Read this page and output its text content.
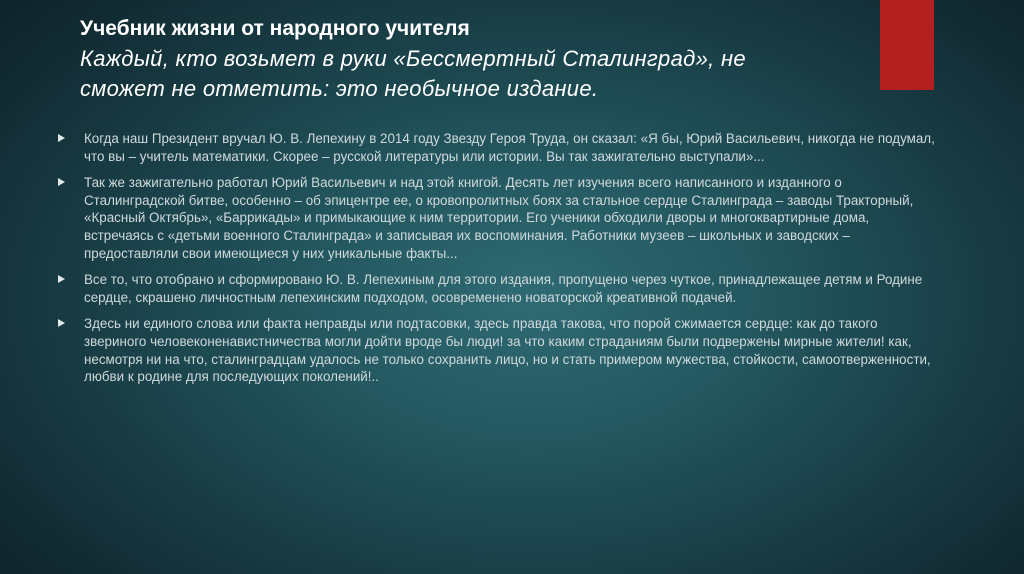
Учебник жизни от народного учителя
Каждый, кто возьмет в руки «Бессмертный Сталинград», не
сможет не отметить: это необычное издание.
Когда наш Президент вручал Ю. В. Лепехину в 2014 году Звезду Героя Труда, он сказал: «Я бы, Юрий Васильевич, никогда не подумал, что вы – учитель математики. Скорее – русской литературы или истории. Вы так зажигательно выступали»...
Так же зажигательно работал Юрий Васильевич и над этой книгой. Десять лет изучения всего написанного и изданного о Сталинградской битве, особенно – об эпицентре ее, о кровопролитных боях за стальное сердце Сталинграда – заводы Тракторный, «Красный Октябрь», «Баррикады» и примыкающие к ним территории. Его ученики обходили дворы и многоквартирные дома, встречаясь с «детьми военного Сталинграда» и записывая их воспоминания. Работники музеев – школьных и заводских – предоставляли свои имеющиеся у них уникальные факты...
Все то, что отобрано и сформировано Ю. В. Лепехиным для этого издания, пропущено через чуткое, принадлежащее детям и Родине сердце, скрашено личностным лепехинским подходом, осовременено новаторской креативной подачей.
Здесь ни единого слова или факта неправды или подтасовки, здесь правда такова, что порой сжимается сердце: как до такого звериного человеконенавистничества могли дойти вроде бы люди! за что каким страданиям были подвержены мирные жители! как, несмотря ни на что, сталинградцам удалось не только сохранить лицо, но и стать примером мужества, стойкости, самоотверженности, любви к родине для последующих поколений!..
